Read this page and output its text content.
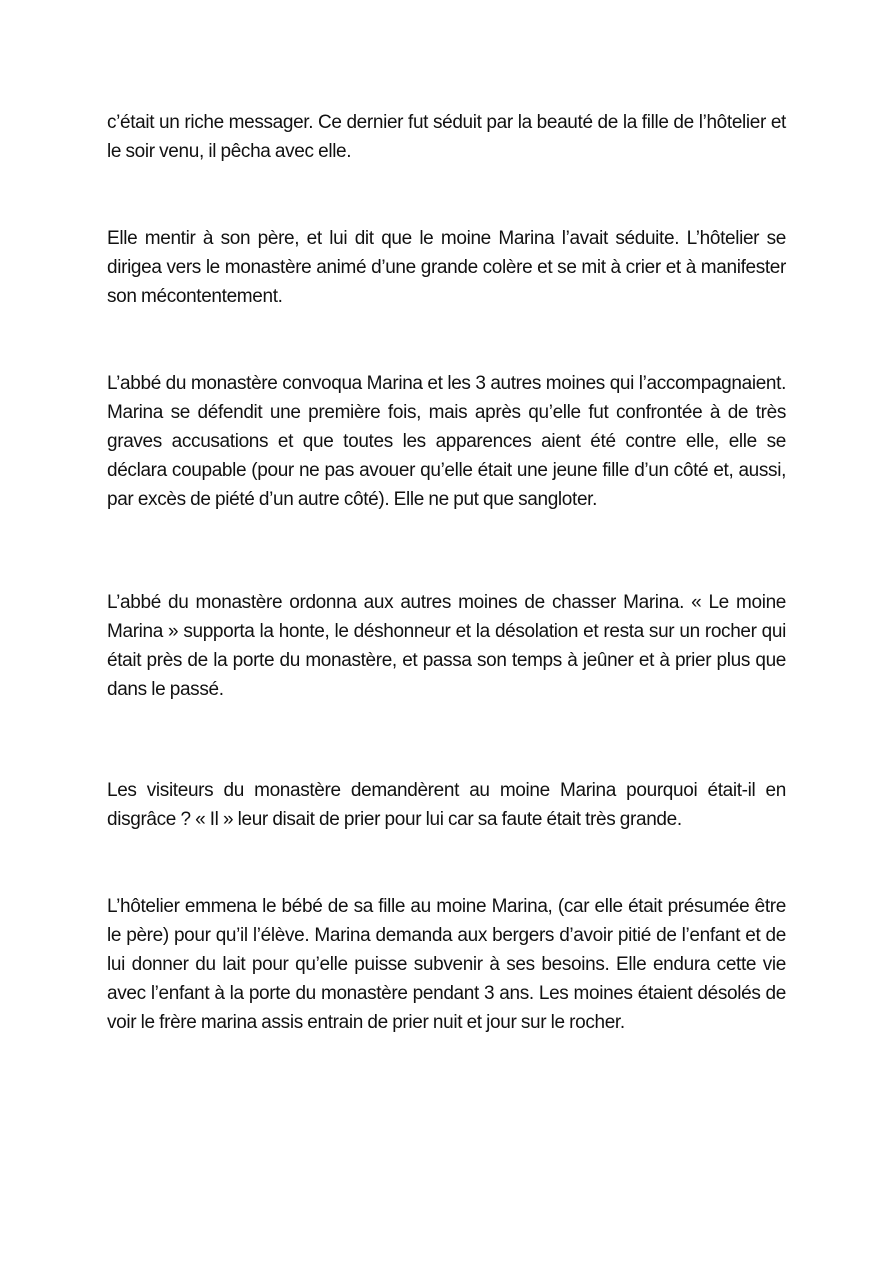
c’était un riche messager. Ce dernier fut séduit par la beauté de la fille de l’hôtelier et le soir venu, il pêcha avec elle.

Elle mentir à son père, et lui dit que le moine Marina l’avait séduite. L’hôtelier se dirigea vers le monastère animé d’une grande colère et se mit à crier et à manifester son mécontentement.

L’abbé du monastère convoqua Marina et les 3 autres moines qui l’accompagnaient. Marina se défendit une première fois, mais après qu’elle fut confrontée à de très graves accusations et que toutes les apparences aient été contre elle, elle se déclara coupable (pour ne pas avouer qu’elle était une jeune fille d’un côté et, aussi, par excès de piété d’un autre côté). Elle ne put que sangloter.

L’abbé du monastère ordonna aux autres moines de chasser Marina. « Le moine Marina » supporta la honte, le déshonneur et la désolation et resta sur un rocher qui était près de la porte du monastère, et passa son temps à jeûner et à prier plus que dans le passé.

Les visiteurs du monastère demandèrent au moine Marina pourquoi était-il en disgrâce ? « Il » leur disait de prier pour lui car sa faute était très grande.

L’hôtelier emmena le bébé de sa fille au moine Marina, (car elle était présumée être le père) pour qu’il l’élève. Marina demanda aux bergers d’avoir pitié de l’enfant et de lui donner du lait pour qu’elle puisse subvenir à ses besoins. Elle endura cette vie avec l’enfant à la porte du monastère pendant 3 ans. Les moines étaient désolés de voir le frère marina assis entrain de prier nuit et jour sur le rocher.
